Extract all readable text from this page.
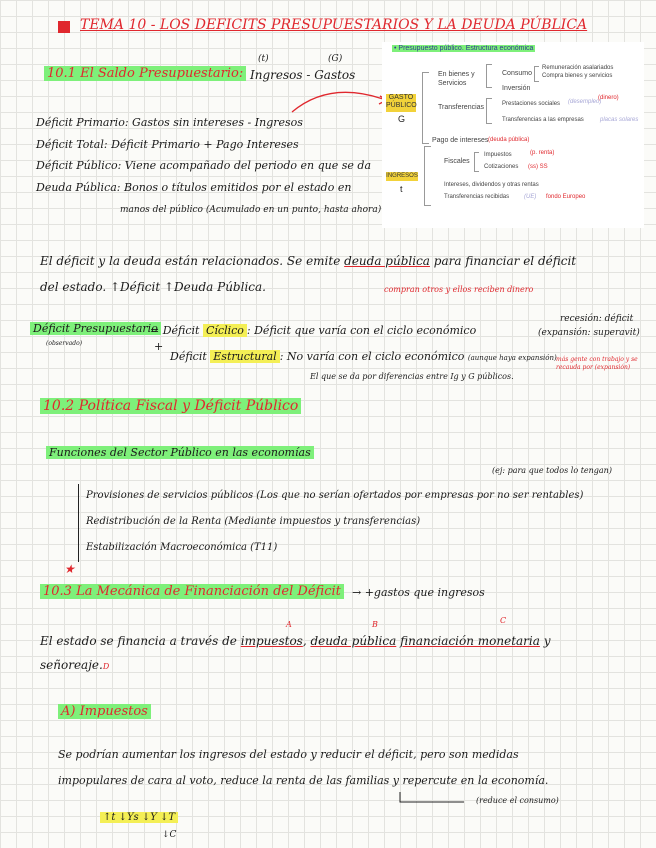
TEMA 10 - LOS DEFICITS PRESUPUESTARIOS Y LA DEUDA PÚBLICA
(t)	(G)
10.1 El Saldo Presupuestario: Ingresos - Gastos
• Presupuesto público. Estructura económica
GASTO PÚBLICO
G
En bienes y
Servicios
Consumo
Remuneración asalariados
Compra bienes y servicios
Inversión
Transferencias	Prestaciones sociales (desempleo)
(dinero)
Transferencias a las empresas	placas solares
Pago de intereses (deuda pública)
INGRESOS
t
Fiscales
Impuestos	(p. renta)
Cotizaciones (ss) SS
Intereses, dividendos y otras rentas
Transferencias recibidas (UE) fondo Europeo
Déficit Primario: Gastos sin intereses - Ingresos
Déficit Total: Déficit Primario + Pago Intereses
Déficit Público: Viene acompañado del periodo en que se da
Deuda Pública: Bonos o títulos emitidos por el estado en
manos del público (Acumulado en un punto, hasta ahora)
El déficit y la deuda están relacionados. Se emite deuda pública para financiar el déficit
del estado. ↑Déficit ↑Deuda Pública.	compran otros y ellos reciben dinero
Déficit Presupuestario
(observado)
= Déficit Cíclico : Déficit que varía con el ciclo económico
recesión: déficit
(expansión: superavit)
+
Déficit Estructural : No varía con el ciclo económico (aunque haya expansión)
El que se da por diferencias entre Ig y G públicos.
más gente con trabajo y se recauda por (expansión)
10.2 Política Fiscal y Déficit Público
Funciones del Sector Público en las economías
(ej: para que todos lo tengan)
Provisiones de servicios públicos (Los que no serían ofertados por empresas por no ser rentables)
Redistribución de la Renta (Mediante impuestos y transferencias)
Estabilización Macroeconómica (T11)
★
10.3 La Mecánica de Financiación del Déficit → +gastos que ingresos
A	B	C
El estado se financia a través de impuestos, deuda pública financiación monetaria y
señoreaje.D
A) Impuestos
Se podrían aumentar los ingresos del estado y reducir el déficit, pero son medidas
impopulares de cara al voto, reduce la renta de las familias y repercute en la economía.
(reduce el consumo)
↑t ↓Ys ↓Y ↓T
↓C
